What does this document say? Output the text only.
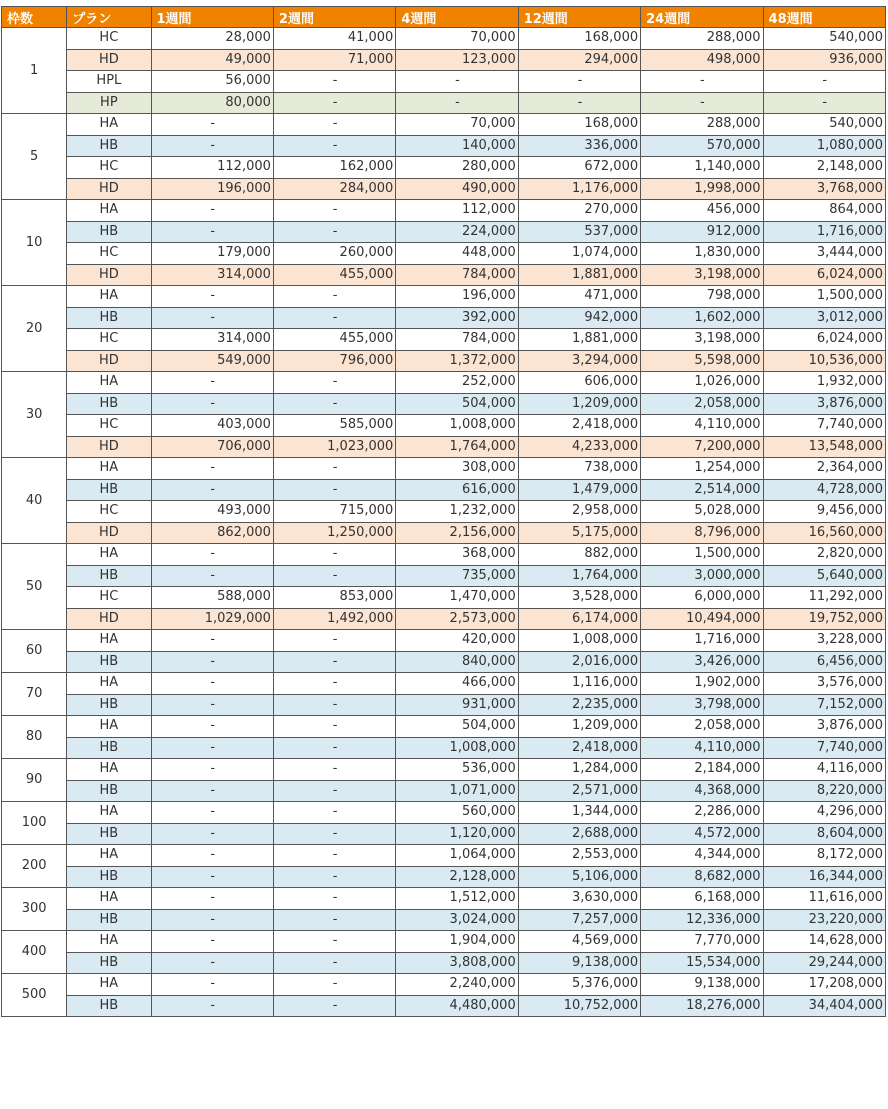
枠数	プラン	1週間	2週間	4週間	12週間	24週間	48週間
1	HC	28,000	41,000	70,000	168,000	288,000	540,000
	HD	49,000	71,000	123,000	294,000	498,000	936,000
	HPL	56,000	-	-	-	-	-
	HP	80,000	-	-	-	-	-
5	HA	-	-	70,000	168,000	288,000	540,000
	HB	-	-	140,000	336,000	570,000	1,080,000
	HC	112,000	162,000	280,000	672,000	1,140,000	2,148,000
	HD	196,000	284,000	490,000	1,176,000	1,998,000	3,768,000
10	HA	-	-	112,000	270,000	456,000	864,000
	HB	-	-	224,000	537,000	912,000	1,716,000
	HC	179,000	260,000	448,000	1,074,000	1,830,000	3,444,000
	HD	314,000	455,000	784,000	1,881,000	3,198,000	6,024,000
20	HA	-	-	196,000	471,000	798,000	1,500,000
	HB	-	-	392,000	942,000	1,602,000	3,012,000
	HC	314,000	455,000	784,000	1,881,000	3,198,000	6,024,000
	HD	549,000	796,000	1,372,000	3,294,000	5,598,000	10,536,000
30	HA	-	-	252,000	606,000	1,026,000	1,932,000
	HB	-	-	504,000	1,209,000	2,058,000	3,876,000
	HC	403,000	585,000	1,008,000	2,418,000	4,110,000	7,740,000
	HD	706,000	1,023,000	1,764,000	4,233,000	7,200,000	13,548,000
40	HA	-	-	308,000	738,000	1,254,000	2,364,000
	HB	-	-	616,000	1,479,000	2,514,000	4,728,000
	HC	493,000	715,000	1,232,000	2,958,000	5,028,000	9,456,000
	HD	862,000	1,250,000	2,156,000	5,175,000	8,796,000	16,560,000
50	HA	-	-	368,000	882,000	1,500,000	2,820,000
	HB	-	-	735,000	1,764,000	3,000,000	5,640,000
	HC	588,000	853,000	1,470,000	3,528,000	6,000,000	11,292,000
	HD	1,029,000	1,492,000	2,573,000	6,174,000	10,494,000	19,752,000
60	HA	-	-	420,000	1,008,000	1,716,000	3,228,000
	HB	-	-	840,000	2,016,000	3,426,000	6,456,000
70	HA	-	-	466,000	1,116,000	1,902,000	3,576,000
	HB	-	-	931,000	2,235,000	3,798,000	7,152,000
80	HA	-	-	504,000	1,209,000	2,058,000	3,876,000
	HB	-	-	1,008,000	2,418,000	4,110,000	7,740,000
90	HA	-	-	536,000	1,284,000	2,184,000	4,116,000
	HB	-	-	1,071,000	2,571,000	4,368,000	8,220,000
100	HA	-	-	560,000	1,344,000	2,286,000	4,296,000
	HB	-	-	1,120,000	2,688,000	4,572,000	8,604,000
200	HA	-	-	1,064,000	2,553,000	4,344,000	8,172,000
	HB	-	-	2,128,000	5,106,000	8,682,000	16,344,000
300	HA	-	-	1,512,000	3,630,000	6,168,000	11,616,000
	HB	-	-	3,024,000	7,257,000	12,336,000	23,220,000
400	HA	-	-	1,904,000	4,569,000	7,770,000	14,628,000
	HB	-	-	3,808,000	9,138,000	15,534,000	29,244,000
500	HA	-	-	2,240,000	5,376,000	9,138,000	17,208,000
	HB	-	-	4,480,000	10,752,000	18,276,000	34,404,000
